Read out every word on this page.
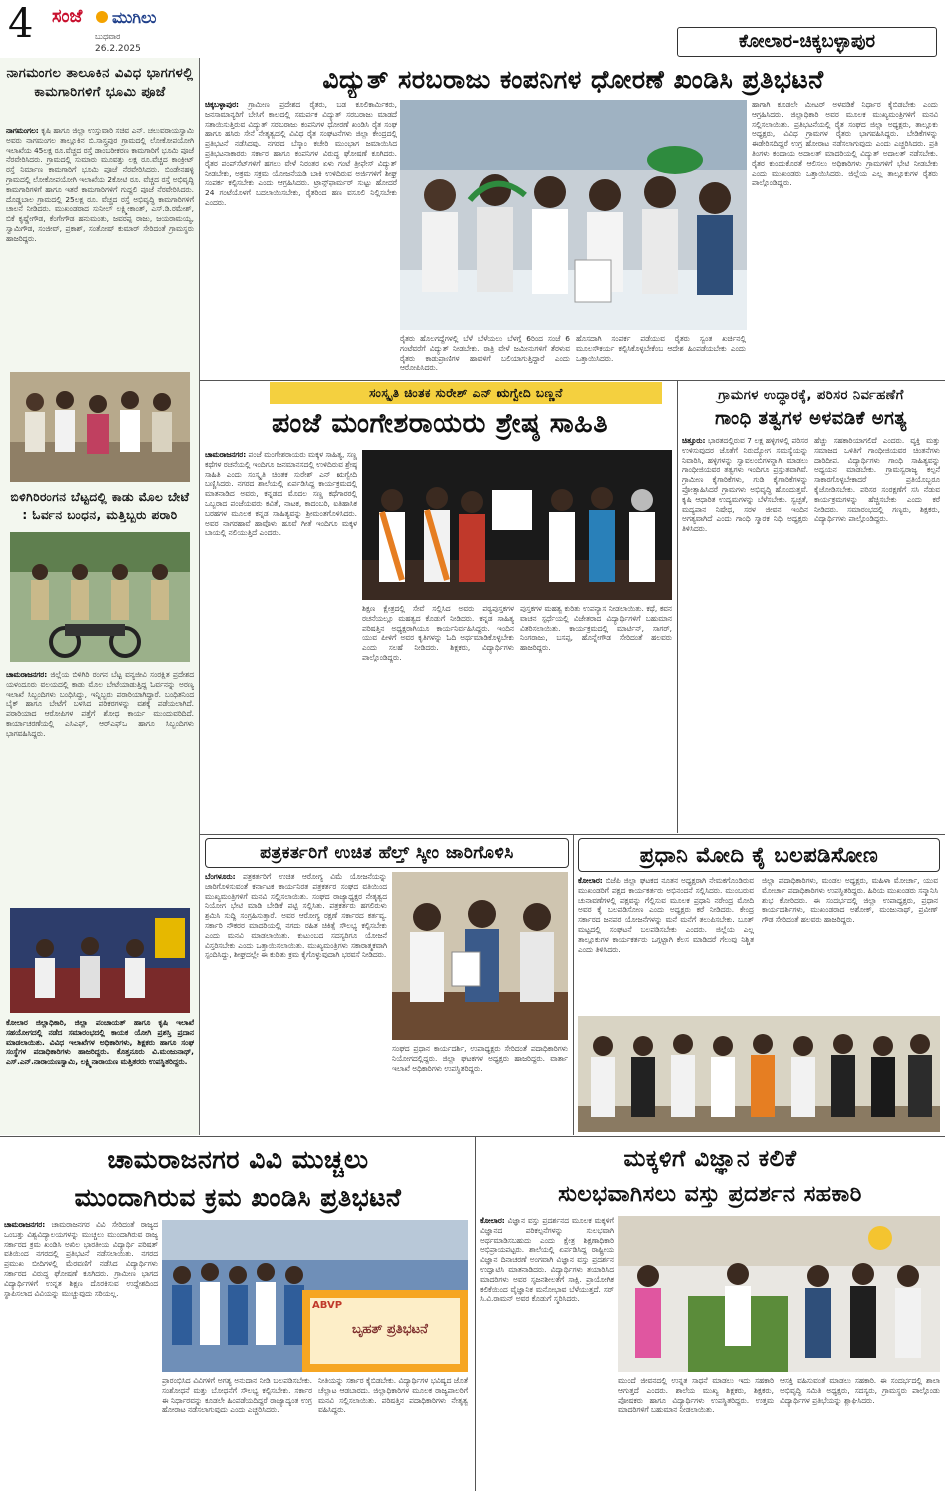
4 ಸಂಜೆ ಮುಗಿಲು
ಬುಧವಾರ
26.2.2025	ಕೋಲಾರ-ಚಿಕ್ಕಬಳ್ಳಾಪುರ
ನಾಗಮಂಗಲ ತಾಲೂಕಿನ ವಿವಿಧ ಭಾಗಗಳಲ್ಲಿ ಕಾಮಗಾರಿಗಳಿಗೆ ಭೂಮಿ ಪೂಜೆ
ನಾಗಮಂಗಲ: ಕೃಷಿ ಹಾಗೂ ಜಿಲ್ಲಾ ಉಸ್ತುವಾರಿ ಸಚಿವ ಎನ್. ಚಲುವರಾಯಸ್ವಾಮಿ ಅವರು ನಾಗಮಂಗಲ ತಾಲ್ಲೂಕಿನ ಬಿ.ಸಾಸ್ತ್ರಪುರ ಗ್ರಾಮದಲ್ಲಿ ಲೋಕೋಪಯೋಗಿ ಇಲಾಖೆಯ 45ಲಕ್ಷ ರೂ.ವೆಚ್ಚದ ರಸ್ತೆ ಡಾಂಬರೀಕರಣ ಕಾಮಗಾರಿಗೆ ಭೂಮಿ ಪೂಜೆ ನೆರವೇರಿಸಿದರು. ಗ್ರಾಮದಲ್ಲಿ ಸುಮಾರು ಮೂವತ್ತು ಲಕ್ಷ ರೂ.ವೆಚ್ಚದ ಕಾಂಕ್ರೀಟ್ ರಸ್ತೆ ನಿರ್ಮಾಣ ಕಾಮಗಾರಿಗೆ ಭೂಮಿ ಪೂಜೆ ನೆರವೇರಿಸಿದರು. ಬಿಂಡೇನಹಳ್ಳಿ ಗ್ರಾಮದಲ್ಲಿ ಲೋಕೋಪಯೋಗಿ ಇಲಾಖೆಯ 2ಕೋಟಿ ರೂ. ವೆಚ್ಚದ ರಸ್ತೆ ಅಭಿವೃದ್ಧಿ ಕಾಮಗಾರಿಗಳಿಗೆ ಹಾಗೂ ಇತರೆ ಕಾಮಗಾರಿಗಳಿಗೆ ಗುದ್ದಲಿ ಪೂಜೆ ನೆರವೇರಿಸಿದರು. ದೊಡ್ಡಬಾಲ ಗ್ರಾಮದಲ್ಲಿ 25ಲಕ್ಷ ರೂ. ವೆಚ್ಚದ ರಸ್ತೆ ಅಭಿವೃದ್ಧಿ ಕಾಮಗಾರಿಗಳಿಗೆ ಚಾಲನೆ ನೀಡಿದರು. ಮುಖಂಡರಾದ ಸುನೀಲ್ ಲಕ್ಷ್ಮೀಕಾಂತ್, ಎಸ್.ಡಿ.ರಮೇಶ್, ಬಿಕೆ ಕೃಷ್ಣೇಗೌಡ, ಕೆಂಗೇಗೌಡ ಹನುಮಂತು, ಜವರಪ್ಪ ರಾಜು, ಜಯರಾಮಯ್ಯ, ಸ್ವಾಮಿಗೌಡ, ಸಂಜೀವ್, ಪ್ರಕಾಶ್, ಸಂತೋಷ್ ಕುಮಾರ್ ಸೇರಿದಂತೆ ಗ್ರಾಮಸ್ಥರು ಹಾಜರಿದ್ದರು.
ಬಿಳಿಗಿರಿರಂಗನ ಬೆಟ್ಟದಲ್ಲಿ ಕಾಡು ಮೊಲ ಬೇಟೆ : ಓರ್ವನ ಬಂಧನ, ಮತ್ತಿಬ್ಬರು ಪರಾರಿ
ಚಾಮರಾಜನಗರ: ಜಿಲ್ಲೆಯ ಬಿಳಿಗಿರಿ ರಂಗನ ಬೆಟ್ಟ ವನ್ಯಜೀವಿ ಸಂರಕ್ಷಿತ ಪ್ರದೇಶದ ಯಳಂದೂರು ವಲಯದಲ್ಲಿ ಕಾಡು ಮೊಲ ಬೇಟೆಯಾಡುತ್ತಿದ್ದ ಓರ್ವನನ್ನು ಅರಣ್ಯ ಇಲಾಖೆ ಸಿಬ್ಬಂದಿಗಳು ಬಂಧಿಸಿದ್ದು, ಇನ್ನಿಬ್ಬರು ಪರಾರಿಯಾಗಿದ್ದಾರೆ. ಬಂಧಿತನಿಂದ ಬೈಕ್ ಹಾಗೂ ಬೇಟೆಗೆ ಬಳಸಿದ ಪರಿಕರಗಳನ್ನು ವಶಕ್ಕೆ ಪಡೆಯಲಾಗಿದೆ. ಪರಾರಿಯಾದ ಆರೋಪಿಗಳ ಪತ್ತೆಗೆ ಶೋಧ ಕಾರ್ಯ ಮುಂದುವರಿದಿದೆ. ಕಾರ್ಯಾಚರಣೆಯಲ್ಲಿ ಎಸಿಎಫ್, ಆರ್‌ಎಫ್‌ಒ ಹಾಗೂ ಸಿಬ್ಬಂದಿಗಳು ಭಾಗವಹಿಸಿದ್ದರು.
ಕೋಲಾರ ಜಿಲ್ಲಾಧಿಕಾರಿ, ಜಿಲ್ಲಾ ಪಂಚಾಯತ್ ಹಾಗೂ ಕೃಷಿ ಇಲಾಖೆ ಸಹಯೋಗದಲ್ಲಿ ನಡೆದ ಸಮಾರಂಭದಲ್ಲಿ ಕಾಯಕ ಯೋಗಿ ಪ್ರಶಸ್ತಿ ಪ್ರದಾನ ಮಾಡಲಾಯಿತು. ವಿವಿಧ ಇಲಾಖೆಗಳ ಅಧಿಕಾರಿಗಳು, ಶಿಕ್ಷಕರು ಹಾಗೂ ಸಂಘ ಸಂಸ್ಥೆಗಳ ಪದಾಧಿಕಾರಿಗಳು ಹಾಜರಿದ್ದರು. ಕೊತ್ತನೂರು ವಿ.ಮಂಜುನಾಥ್, ಎಸ್.ಎನ್.ನಾರಾಯಣಸ್ವಾಮಿ, ಲಕ್ಷ್ಮಿನಾರಾಯಣ ಮತ್ತಿತರರು ಉಪಸ್ಥಿತರಿದ್ದರು.
ವಿದ್ಯುತ್ ಸರಬರಾಜು ಕಂಪನಿಗಳ ಧೋರಣೆ ಖಂಡಿಸಿ ಪ್ರತಿಭಟನೆ
ಚಿಕ್ಕಬಳ್ಳಾಪುರ: ಗ್ರಾಮೀಣ ಪ್ರದೇಶದ ರೈತರು, ಬಡ ಕೂಲಿಕಾರ್ಮಿಕರು, ಜನಸಾಮಾನ್ಯರಿಗೆ ಬೇಸಿಗೆ ಕಾಲದಲ್ಲಿ ಸಮರ್ಪಕ ವಿದ್ಯುತ್ ಸರಬರಾಜು ಮಾಡದೆ ಸತಾಯಿಸುತ್ತಿರುವ ವಿದ್ಯುತ್ ಸರಬರಾಜು ಕಂಪನಿಗಳ ಧೋರಣೆ ಖಂಡಿಸಿ ರೈತ ಸಂಘ ಹಾಗೂ ಹಸಿರು ಸೇನೆ ನೇತೃತ್ವದಲ್ಲಿ ವಿವಿಧ ರೈತ ಸಂಘಟನೆಗಳು ಜಿಲ್ಲಾ ಕೇಂದ್ರದಲ್ಲಿ ಪ್ರತಿಭಟನೆ ನಡೆಸಿದವು. ನಗರದ ಬೆಸ್ಕಾಂ ಕಚೇರಿ ಮುಂಭಾಗ ಜಮಾಯಿಸಿದ ಪ್ರತಿಭಟನಾಕಾರರು ಸರ್ಕಾರ ಹಾಗೂ ಕಂಪನಿಗಳ ವಿರುದ್ಧ ಘೋಷಣೆ ಕೂಗಿದರು. ರೈತರ ಪಂಪ್‌ಸೆಟ್‌ಗಳಿಗೆ ಹಗಲು ವೇಳೆ ನಿರಂತರ ಏಳು ಗಂಟೆ ತ್ರೀಫೇಸ್ ವಿದ್ಯುತ್ ನೀಡಬೇಕು, ಅಕ್ರಮ ಸಕ್ರಮ ಯೋಜನೆಯಡಿ ಬಾಕಿ ಉಳಿದಿರುವ ಅರ್ಜಿಗಳಿಗೆ ಶೀಘ್ರ ಸಂಪರ್ಕ ಕಲ್ಪಿಸಬೇಕು ಎಂದು ಆಗ್ರಹಿಸಿದರು. ಟ್ರಾನ್ಸ್‌ಫಾರ್ಮರ್ ಸುಟ್ಟು ಹೋದರೆ 24 ಗಂಟೆಯೊಳಗೆ ಬದಲಾಯಿಸಬೇಕು, ರೈತರಿಂದ ಹಣ ವಸೂಲಿ ನಿಲ್ಲಿಸಬೇಕು ಎಂದರು.
ರೈತರು ಹೊಲಗದ್ದೆಗಳಲ್ಲಿ ಬೆಳೆ ಬೆಳೆಯಲು ಬೆಳಗ್ಗೆ 6ರಿಂದ ಸಂಜೆ 6 ಗಂಟೆವರೆಗೆ ವಿದ್ಯುತ್ ನೀಡಬೇಕು. ರಾತ್ರಿ ವೇಳೆ ಜಮೀನುಗಳಿಗೆ ತೆರಳುವ ರೈತರು ಕಾಡುಪ್ರಾಣಿಗಳ ಹಾವಳಿಗೆ ಬಲಿಯಾಗುತ್ತಿದ್ದಾರೆ ಎಂದು ಆರೋಪಿಸಿದರು.
ಹೊಸದಾಗಿ ಸಂಪರ್ಕ ಪಡೆಯುವ ರೈತರು ಸ್ವಂತ ಖರ್ಚಿನಲ್ಲಿ ಮೂಲಸೌಕರ್ಯ ಕಲ್ಪಿಸಿಕೊಳ್ಳಬೇಕೆಂಬ ಆದೇಶ ಹಿಂಪಡೆಯಬೇಕು ಎಂದು ಒತ್ತಾಯಿಸಿದರು.
ಹಾಗಾಗಿ ಕೂಡಲೇ ಮೀಟರ್ ಅಳವಡಿಕೆ ನಿರ್ಧಾರ ಕೈಬಿಡಬೇಕು ಎಂದು ಆಗ್ರಹಿಸಿದರು. ಜಿಲ್ಲಾಧಿಕಾರಿ ಅವರ ಮೂಲಕ ಮುಖ್ಯಮಂತ್ರಿಗಳಿಗೆ ಮನವಿ ಸಲ್ಲಿಸಲಾಯಿತು. ಪ್ರತಿಭಟನೆಯಲ್ಲಿ ರೈತ ಸಂಘದ ಜಿಲ್ಲಾ ಅಧ್ಯಕ್ಷರು, ತಾಲ್ಲೂಕು ಅಧ್ಯಕ್ಷರು, ವಿವಿಧ ಗ್ರಾಮಗಳ ರೈತರು ಭಾಗವಹಿಸಿದ್ದರು. ಬೇಡಿಕೆಗಳನ್ನು ಈಡೇರಿಸದಿದ್ದರೆ ಉಗ್ರ ಹೋರಾಟ ನಡೆಸಲಾಗುವುದು ಎಂದು ಎಚ್ಚರಿಸಿದರು. ಪ್ರತಿ ತಿಂಗಳು ಕಂದಾಯ ಅದಾಲತ್ ಮಾದರಿಯಲ್ಲಿ ವಿದ್ಯುತ್ ಅದಾಲತ್ ನಡೆಸಬೇಕು. ರೈತರ ಕುಂದುಕೊರತೆ ಆಲಿಸಲು ಅಧಿಕಾರಿಗಳು ಗ್ರಾಮಗಳಿಗೆ ಭೇಟಿ ನೀಡಬೇಕು ಎಂದು ಮುಖಂಡರು ಒತ್ತಾಯಿಸಿದರು. ಜಿಲ್ಲೆಯ ಎಲ್ಲ ತಾಲ್ಲೂಕುಗಳ ರೈತರು ಪಾಲ್ಗೊಂಡಿದ್ದರು.
ಸಂಸ್ಕೃತಿ ಚಿಂತಕ ಸುರೇಶ್ ಎನ್ ಋಗ್ವೇದಿ ಬಣ್ಣನೆ
ಪಂಜೆ ಮಂಗೇಶರಾಯರು ಶ್ರೇಷ್ಠ ಸಾಹಿತಿ
ಚಾಮರಾಜನಗರ: ಪಂಜೆ ಮಂಗೇಶರಾಯರು ಮಕ್ಕಳ ಸಾಹಿತ್ಯ, ಸಣ್ಣ ಕಥೆಗಳ ರಚನೆಯಲ್ಲಿ ಇಂದಿಗೂ ಜನಮಾನಸದಲ್ಲಿ ಉಳಿದಿರುವ ಶ್ರೇಷ್ಠ ಸಾಹಿತಿ ಎಂದು ಸಂಸ್ಕೃತಿ ಚಿಂತಕ ಸುರೇಶ್ ಎನ್ ಋಗ್ವೇದಿ ಬಣ್ಣಿಸಿದರು. ನಗರದ ಶಾಲೆಯಲ್ಲಿ ಏರ್ಪಡಿಸಿದ್ದ ಕಾರ್ಯಕ್ರಮದಲ್ಲಿ ಮಾತನಾಡಿದ ಅವರು, ಕನ್ನಡದ ಮೊದಲ ಸಣ್ಣ ಕಥೆಗಾರರಲ್ಲಿ ಒಬ್ಬರಾದ ಪಂಜೆಯವರು ಕವಿತೆ, ನಾಟಕ, ಕಾದಂಬರಿ, ಐತಿಹಾಸಿಕ ಬರಹಗಳ ಮೂಲಕ ಕನ್ನಡ ಸಾಹಿತ್ಯವನ್ನು ಶ್ರೀಮಂತಗೊಳಿಸಿದರು. ಅವರ ನಾಗರಹಾವೆ ಹಾವೊಳು ಹೂವೆ ಗೀತೆ ಇಂದಿಗೂ ಮಕ್ಕಳ ಬಾಯಲ್ಲಿ ನಲಿಯುತ್ತಿದೆ ಎಂದರು.
ಶಿಕ್ಷಣ ಕ್ಷೇತ್ರದಲ್ಲಿ ಸೇವೆ ಸಲ್ಲಿಸಿದ ಅವರು ಪಠ್ಯಪುಸ್ತಕಗಳ ರಚನೆಯಲ್ಲೂ ಮಹತ್ವದ ಕೊಡುಗೆ ನೀಡಿದರು. ಕನ್ನಡ ಸಾಹಿತ್ಯ ಪರಿಷತ್ತಿನ ಅಧ್ಯಕ್ಷರಾಗಿಯೂ ಕಾರ್ಯನಿರ್ವಹಿಸಿದ್ದರು. ಇಂದಿನ ಯುವ ಪೀಳಿಗೆ ಅವರ ಕೃತಿಗಳನ್ನು ಓದಿ ಅರ್ಥಮಾಡಿಕೊಳ್ಳಬೇಕು ಎಂದು ಸಲಹೆ ನೀಡಿದರು. ಶಿಕ್ಷಕರು, ವಿದ್ಯಾರ್ಥಿಗಳು ಪಾಲ್ಗೊಂಡಿದ್ದರು.
ಪುಸ್ತಕಗಳ ಮಹತ್ವ ಕುರಿತು ಉಪನ್ಯಾಸ ನೀಡಲಾಯಿತು. ಕಥೆ, ಕವನ ವಾಚನ ಸ್ಪರ್ಧೆಯಲ್ಲಿ ವಿಜೇತರಾದ ವಿದ್ಯಾರ್ಥಿಗಳಿಗೆ ಬಹುಮಾನ ವಿತರಿಸಲಾಯಿತು. ಕಾರ್ಯಕ್ರಮದಲ್ಲಿ ಮಾರ್ಟಿನ್, ಸಾಗರ್, ನಿಂಗರಾಜು, ಬಸಪ್ಪ, ಹೊನ್ನೇಗೌಡ ಸೇರಿದಂತೆ ಹಲವರು ಹಾಜರಿದ್ದರು.
ಗ್ರಾಮಗಳ ಉದ್ಧಾರಕ್ಕೆ, ಪರಿಸರ ನಿರ್ವಹಣೆಗೆ
ಗಾಂಧಿ ತತ್ವಗಳ ಅಳವಡಿಕೆ ಅಗತ್ಯ
ಚಿತ್ತೂರು: ಭಾರತದಲ್ಲಿರುವ 7 ಲಕ್ಷ ಹಳ್ಳಿಗಳಲ್ಲಿ ಪರಿಸರ ಉಳಿಸುವುದರ ಜೊತೆಗೆ ನಿರುದ್ಯೋಗ ಸಮಸ್ಯೆಯನ್ನು ನಿವಾರಿಸಿ, ಹಳ್ಳಿಗಳನ್ನು ಸ್ವಾವಲಂಬಿಗಳನ್ನಾಗಿ ಮಾಡಲು ಗಾಂಧೀಜಿಯವರ ತತ್ವಗಳು ಇಂದಿಗೂ ಪ್ರಸ್ತುತವಾಗಿವೆ. ಗ್ರಾಮೀಣ ಕೈಗಾರಿಕೆಗಳು, ಗುಡಿ ಕೈಗಾರಿಕೆಗಳನ್ನು ಪ್ರೋತ್ಸಾಹಿಸಿದರೆ ಗ್ರಾಮಗಳು ಅಭಿವೃದ್ಧಿ ಹೊಂದುತ್ತವೆ. ಕೃಷಿ ಆಧಾರಿತ ಉದ್ಯಮಗಳನ್ನು ಬೆಳೆಸಬೇಕು. ಸ್ವಚ್ಛತೆ, ಮದ್ಯಪಾನ ನಿಷೇಧ, ಸರಳ ಜೀವನ ಇಂದಿನ ಅಗತ್ಯವಾಗಿದೆ ಎಂದು ಗಾಂಧಿ ಸ್ಮಾರಕ ನಿಧಿ ಅಧ್ಯಕ್ಷರು ತಿಳಿಸಿದರು.
ಹೆಚ್ಚು ಸಹಕಾರಿಯಾಗಲಿದೆ ಎಂದರು. ವ್ಯಕ್ತಿ ಮತ್ತು ಸಮಾಜದ ಒಳಿತಿಗೆ ಗಾಂಧೀಜಿಯವರ ಚಿಂತನೆಗಳು ದಾರಿದೀಪ. ವಿದ್ಯಾರ್ಥಿಗಳು ಗಾಂಧಿ ಸಾಹಿತ್ಯವನ್ನು ಅಧ್ಯಯನ ಮಾಡಬೇಕು. ಗ್ರಾಮಸ್ವರಾಜ್ಯ ಕಲ್ಪನೆ ಸಾಕಾರಗೊಳ್ಳಬೇಕಾದರೆ ಪ್ರತಿಯೊಬ್ಬರೂ ಕೈಜೋಡಿಸಬೇಕು. ಪರಿಸರ ಸಂರಕ್ಷಣೆಗೆ ಸಸಿ ನೆಡುವ ಕಾರ್ಯಕ್ರಮಗಳನ್ನು ಹೆಚ್ಚಿಸಬೇಕು ಎಂದು ಕರೆ ನೀಡಿದರು. ಸಮಾರಂಭದಲ್ಲಿ ಗಣ್ಯರು, ಶಿಕ್ಷಕರು, ವಿದ್ಯಾರ್ಥಿಗಳು ಪಾಲ್ಗೊಂಡಿದ್ದರು.
ಪತ್ರಕರ್ತರಿಗೆ ಉಚಿತ ಹೆಲ್ತ್ ಸ್ಕೀಂ ಜಾರಿಗೊಳಿಸಿ
ಬೆಂಗಳೂರು: ಪತ್ರಕರ್ತರಿಗೆ ಉಚಿತ ಆರೋಗ್ಯ ವಿಮೆ ಯೋಜನೆಯನ್ನು ಜಾರಿಗೊಳಿಸುವಂತೆ ಕರ್ನಾಟಕ ಕಾರ್ಯನಿರತ ಪತ್ರಕರ್ತರ ಸಂಘದ ವತಿಯಿಂದ ಮುಖ್ಯಮಂತ್ರಿಗಳಿಗೆ ಮನವಿ ಸಲ್ಲಿಸಲಾಯಿತು. ಸಂಘದ ರಾಜ್ಯಾಧ್ಯಕ್ಷರ ನೇತೃತ್ವದ ನಿಯೋಗ ಭೇಟಿ ಮಾಡಿ ಬೇಡಿಕೆ ಪಟ್ಟಿ ಸಲ್ಲಿಸಿತು. ಪತ್ರಕರ್ತರು ಹಗಲಿರುಳು ಶ್ರಮಿಸಿ ಸುದ್ದಿ ಸಂಗ್ರಹಿಸುತ್ತಾರೆ. ಅವರ ಆರೋಗ್ಯ ರಕ್ಷಣೆ ಸರ್ಕಾರದ ಕರ್ತವ್ಯ. ಸರ್ಕಾರಿ ನೌಕರರ ಮಾದರಿಯಲ್ಲಿ ನಗದು ರಹಿತ ಚಿಕಿತ್ಸೆ ಸೌಲಭ್ಯ ಕಲ್ಪಿಸಬೇಕು ಎಂದು ಮನವಿ ಮಾಡಲಾಯಿತು. ಕುಟುಂಬದ ಸದಸ್ಯರಿಗೂ ಯೋಜನೆ ವಿಸ್ತರಿಸಬೇಕು ಎಂದು ಒತ್ತಾಯಿಸಲಾಯಿತು. ಮುಖ್ಯಮಂತ್ರಿಗಳು ಸಕಾರಾತ್ಮಕವಾಗಿ ಸ್ಪಂದಿಸಿದ್ದು, ಶೀಘ್ರದಲ್ಲೇ ಈ ಕುರಿತು ಕ್ರಮ ಕೈಗೊಳ್ಳುವುದಾಗಿ ಭರವಸೆ ನೀಡಿದರು.
ಸಂಘದ ಪ್ರಧಾನ ಕಾರ್ಯದರ್ಶಿ, ಉಪಾಧ್ಯಕ್ಷರು ಸೇರಿದಂತೆ ಪದಾಧಿಕಾರಿಗಳು ನಿಯೋಗದಲ್ಲಿದ್ದರು. ಜಿಲ್ಲಾ ಘಟಕಗಳ ಅಧ್ಯಕ್ಷರು ಹಾಜರಿದ್ದರು. ವಾರ್ತಾ ಇಲಾಖೆ ಅಧಿಕಾರಿಗಳು ಉಪಸ್ಥಿತರಿದ್ದರು.
ಪ್ರಧಾನಿ ಮೋದಿ ಕೈ ಬಲಪಡಿಸೋಣ
ಕೋಲಾರ: ಬಿಜೆಪಿ ಜಿಲ್ಲಾ ಘಟಕದ ನೂತನ ಅಧ್ಯಕ್ಷರಾಗಿ ನೇಮಕಗೊಂಡಿರುವ ಮುಖಂಡರಿಗೆ ಪಕ್ಷದ ಕಾರ್ಯಕರ್ತರು ಅಭಿನಂದನೆ ಸಲ್ಲಿಸಿದರು. ಮುಂಬರುವ ಚುನಾವಣೆಗಳಲ್ಲಿ ಪಕ್ಷವನ್ನು ಗೆಲ್ಲಿಸುವ ಮೂಲಕ ಪ್ರಧಾನಿ ನರೇಂದ್ರ ಮೋದಿ ಅವರ ಕೈ ಬಲಪಡಿಸೋಣ ಎಂದು ಅಧ್ಯಕ್ಷರು ಕರೆ ನೀಡಿದರು. ಕೇಂದ್ರ ಸರ್ಕಾರದ ಜನಪರ ಯೋಜನೆಗಳನ್ನು ಮನೆ ಮನೆಗೆ ತಲುಪಿಸಬೇಕು. ಬೂತ್ ಮಟ್ಟದಲ್ಲಿ ಸಂಘಟನೆ ಬಲಪಡಿಸಬೇಕು ಎಂದರು. ಜಿಲ್ಲೆಯ ಎಲ್ಲ ತಾಲ್ಲೂಕುಗಳ ಕಾರ್ಯಕರ್ತರು ಒಗ್ಗಟ್ಟಾಗಿ ಕೆಲಸ ಮಾಡಿದರೆ ಗೆಲುವು ನಿಶ್ಚಿತ ಎಂದು ತಿಳಿಸಿದರು.
ಜಿಲ್ಲಾ ಪದಾಧಿಕಾರಿಗಳು, ಮಂಡಲ ಅಧ್ಯಕ್ಷರು, ಮಹಿಳಾ ಮೋರ್ಚಾ, ಯುವ ಮೋರ್ಚಾ ಪದಾಧಿಕಾರಿಗಳು ಉಪಸ್ಥಿತರಿದ್ದರು. ಹಿರಿಯ ಮುಖಂಡರು ಸನ್ಮಾನಿಸಿ ಶುಭ ಕೋರಿದರು. ಈ ಸಂದರ್ಭದಲ್ಲಿ ಜಿಲ್ಲಾ ಉಪಾಧ್ಯಕ್ಷರು, ಪ್ರಧಾನ ಕಾರ್ಯದರ್ಶಿಗಳು, ಮುಖಂಡರಾದ ಅಶೋಕ್, ಮಂಜುನಾಥ್, ಪ್ರವೀಣ್ ಗೌಡ ಸೇರಿದಂತೆ ಹಲವರು ಹಾಜರಿದ್ದರು.
ಚಾಮರಾಜನಗರ ವಿವಿ ಮುಚ್ಚಲು
ಮುಂದಾಗಿರುವ ಕ್ರಮ ಖಂಡಿಸಿ ಪ್ರತಿಭಟನೆ
ಚಾಮರಾಜನಗರ: ಚಾಮರಾಜನಗರ ವಿವಿ ಸೇರಿದಂತೆ ರಾಜ್ಯದ ಒಂಬತ್ತು ವಿಶ್ವವಿದ್ಯಾಲಯಗಳನ್ನು ಮುಚ್ಚಲು ಮುಂದಾಗಿರುವ ರಾಜ್ಯ ಸರ್ಕಾರದ ಕ್ರಮ ಖಂಡಿಸಿ ಅಖಿಲ ಭಾರತೀಯ ವಿದ್ಯಾರ್ಥಿ ಪರಿಷತ್ ವತಿಯಿಂದ ನಗರದಲ್ಲಿ ಪ್ರತಿಭಟನೆ ನಡೆಸಲಾಯಿತು. ನಗರದ ಪ್ರಮುಖ ಬೀದಿಗಳಲ್ಲಿ ಮೆರವಣಿಗೆ ನಡೆಸಿದ ವಿದ್ಯಾರ್ಥಿಗಳು ಸರ್ಕಾರದ ವಿರುದ್ಧ ಘೋಷಣೆ ಕೂಗಿದರು. ಗ್ರಾಮೀಣ ಭಾಗದ ವಿದ್ಯಾರ್ಥಿಗಳಿಗೆ ಉನ್ನತ ಶಿಕ್ಷಣ ದೊರಕಿಸುವ ಉದ್ದೇಶದಿಂದ ಸ್ಥಾಪಿಸಲಾದ ವಿವಿಯನ್ನು ಮುಚ್ಚುವುದು ಸರಿಯಲ್ಲ.
ABVP
ಬೃಹತ್ ಪ್ರತಿಭಟನೆ
ಪ್ರಾರಂಭಿಸಿದ ವಿವಿಗಳಿಗೆ ಅಗತ್ಯ ಅನುದಾನ ನೀಡಿ ಬಲಪಡಿಸಬೇಕು. ಸಂಶೋಧನೆ ಮತ್ತು ಬೋಧನೆಗೆ ಸೌಲಭ್ಯ ಕಲ್ಪಿಸಬೇಕು. ಸರ್ಕಾರ ಈ ನಿರ್ಧಾರವನ್ನು ಕೂಡಲೇ ಹಿಂಪಡೆಯದಿದ್ದರೆ ರಾಜ್ಯಾದ್ಯಂತ ಉಗ್ರ ಹೋರಾಟ ನಡೆಸಲಾಗುವುದು ಎಂದು ಎಚ್ಚರಿಸಿದರು.
ನೀತಿಯನ್ನು ಸರ್ಕಾರ ಕೈಬಿಡಬೇಕು. ವಿದ್ಯಾರ್ಥಿಗಳ ಭವಿಷ್ಯದ ಜೊತೆ ಚೆಲ್ಲಾಟ ಆಡಬಾರದು. ಜಿಲ್ಲಾಧಿಕಾರಿಗಳ ಮೂಲಕ ರಾಜ್ಯಪಾಲರಿಗೆ ಮನವಿ ಸಲ್ಲಿಸಲಾಯಿತು. ಪರಿಷತ್ತಿನ ಪದಾಧಿಕಾರಿಗಳು ನೇತೃತ್ವ ವಹಿಸಿದ್ದರು.
ಮಕ್ಕಳಿಗೆ ವಿಜ್ಞಾನ ಕಲಿಕೆ
ಸುಲಭವಾಗಿಸಲು ವಸ್ತು ಪ್ರದರ್ಶನ ಸಹಕಾರಿ
ಕೋಲಾರ: ವಿಜ್ಞಾನ ವಸ್ತು ಪ್ರದರ್ಶನದ ಮೂಲಕ ಮಕ್ಕಳಿಗೆ ವಿಜ್ಞಾನದ ಪರಿಕಲ್ಪನೆಗಳನ್ನು ಸುಲಭವಾಗಿ ಅರ್ಥಮಾಡಿಸಬಹುದು ಎಂದು ಕ್ಷೇತ್ರ ಶಿಕ್ಷಣಾಧಿಕಾರಿ ಅಭಿಪ್ರಾಯಪಟ್ಟರು. ಶಾಲೆಯಲ್ಲಿ ಏರ್ಪಡಿಸಿದ್ದ ರಾಷ್ಟ್ರೀಯ ವಿಜ್ಞಾನ ದಿನಾಚರಣೆ ಅಂಗವಾಗಿ ವಿಜ್ಞಾನ ವಸ್ತು ಪ್ರದರ್ಶನ ಉದ್ಘಾಟಿಸಿ ಮಾತನಾಡಿದರು. ವಿದ್ಯಾರ್ಥಿಗಳು ತಯಾರಿಸಿದ ಮಾದರಿಗಳು ಅವರ ಸೃಜನಶೀಲತೆಗೆ ಸಾಕ್ಷಿ. ಪ್ರಾಯೋಗಿಕ ಕಲಿಕೆಯಿಂದ ವೈಜ್ಞಾನಿಕ ಮನೋಭಾವ ಬೆಳೆಯುತ್ತದೆ. ಸರ್ ಸಿ.ವಿ.ರಾಮನ್ ಅವರ ಕೊಡುಗೆ ಸ್ಮರಿಸಿದರು.
ಮುಂದೆ ಜೀವನದಲ್ಲಿ ಉನ್ನತ ಸಾಧನೆ ಮಾಡಲು ಇದು ಸಹಕಾರಿ ಆಗುತ್ತದೆ ಎಂದರು. ಶಾಲೆಯ ಮುಖ್ಯ ಶಿಕ್ಷಕರು, ಶಿಕ್ಷಕರು, ಪೋಷಕರು ಹಾಗೂ ವಿದ್ಯಾರ್ಥಿಗಳು ಉಪಸ್ಥಿತರಿದ್ದರು. ಉತ್ತಮ ಮಾದರಿಗಳಿಗೆ ಬಹುಮಾನ ನೀಡಲಾಯಿತು.
ಆಸಕ್ತಿ ವಹಿಸುವಂತೆ ಮಾಡಲು ಸಹಕಾರಿ. ಈ ಸಂದರ್ಭದಲ್ಲಿ ಶಾಲಾ ಅಭಿವೃದ್ಧಿ ಸಮಿತಿ ಅಧ್ಯಕ್ಷರು, ಸದಸ್ಯರು, ಗ್ರಾಮಸ್ಥರು ಪಾಲ್ಗೊಂಡು ವಿದ್ಯಾರ್ಥಿಗಳ ಪ್ರತಿಭೆಯನ್ನು ಶ್ಲಾಘಿಸಿದರು.
